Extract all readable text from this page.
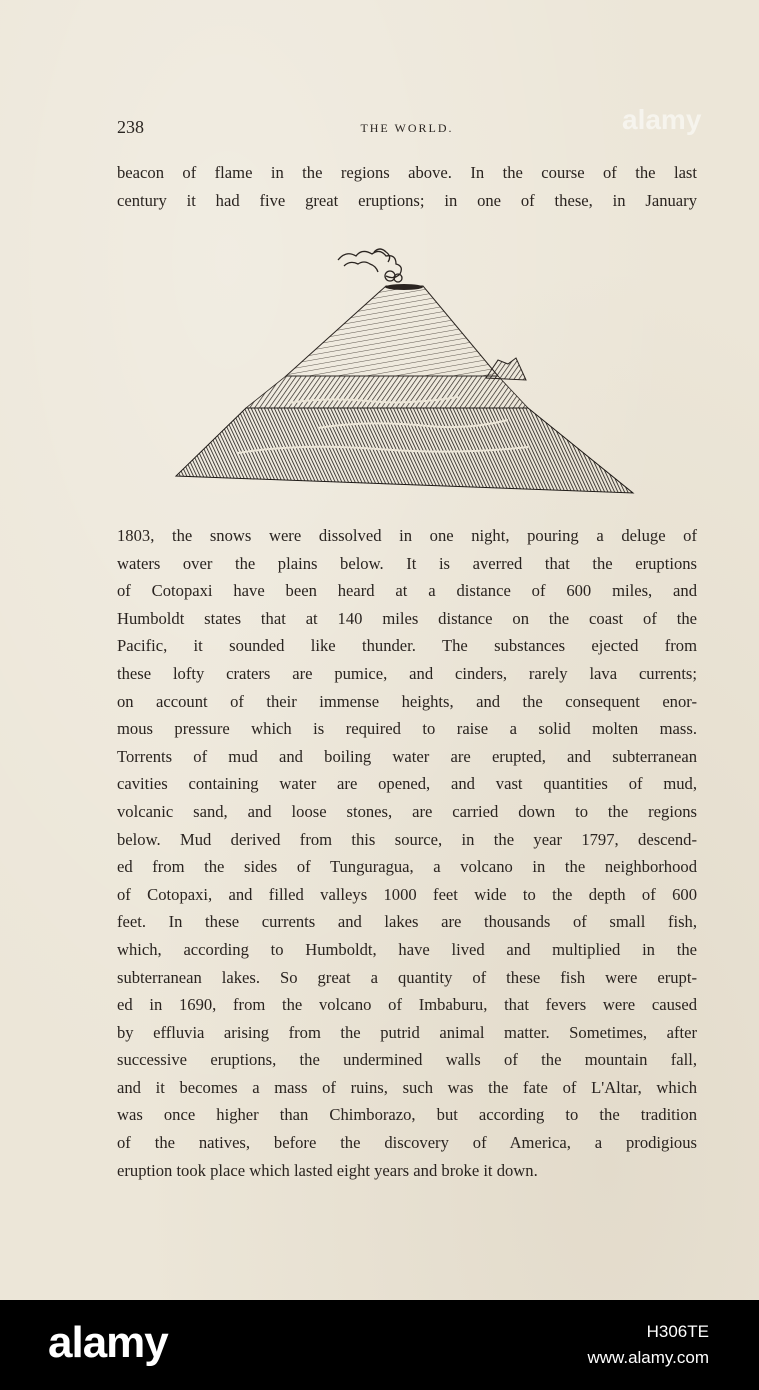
238	THE WORLD.
beacon of flame in the regions above. In the course of the last
century it had five great eruptions; in one of these, in January
1803, the snows were dissolved in one night, pouring a deluge of
waters over the plains below. It is averred that the eruptions
of Cotopaxi have been heard at a distance of 600 miles, and
Humboldt states that at 140 miles distance on the coast of the
Pacific, it sounded like thunder. The substances ejected from
these lofty craters are pumice, and cinders, rarely lava currents;
on account of their immense heights, and the consequent enor-
mous pressure which is required to raise a solid molten mass.
Torrents of mud and boiling water are erupted, and subterranean
cavities containing water are opened, and vast quantities of mud,
volcanic sand, and loose stones, are carried down to the regions
below. Mud derived from this source, in the year 1797, descend-
ed from the sides of Tunguragua, a volcano in the neighborhood
of Cotopaxi, and filled valleys 1000 feet wide to the depth of 600
feet. In these currents and lakes are thousands of small fish,
which, according to Humboldt, have lived and multiplied in the
subterranean lakes. So great a quantity of these fish were erupt-
ed in 1690, from the volcano of Imbaburu, that fevers were caused
by effluvia arising from the putrid animal matter. Sometimes, after
successive eruptions, the undermined walls of the mountain fall,
and it becomes a mass of ruins, such was the fate of L'Altar, which
was once higher than Chimborazo, but according to the tradition
of the natives, before the discovery of America, a prodigious
eruption took place which lasted eight years and broke it down.
alamy
alamy	H306TE
www.alamy.com
